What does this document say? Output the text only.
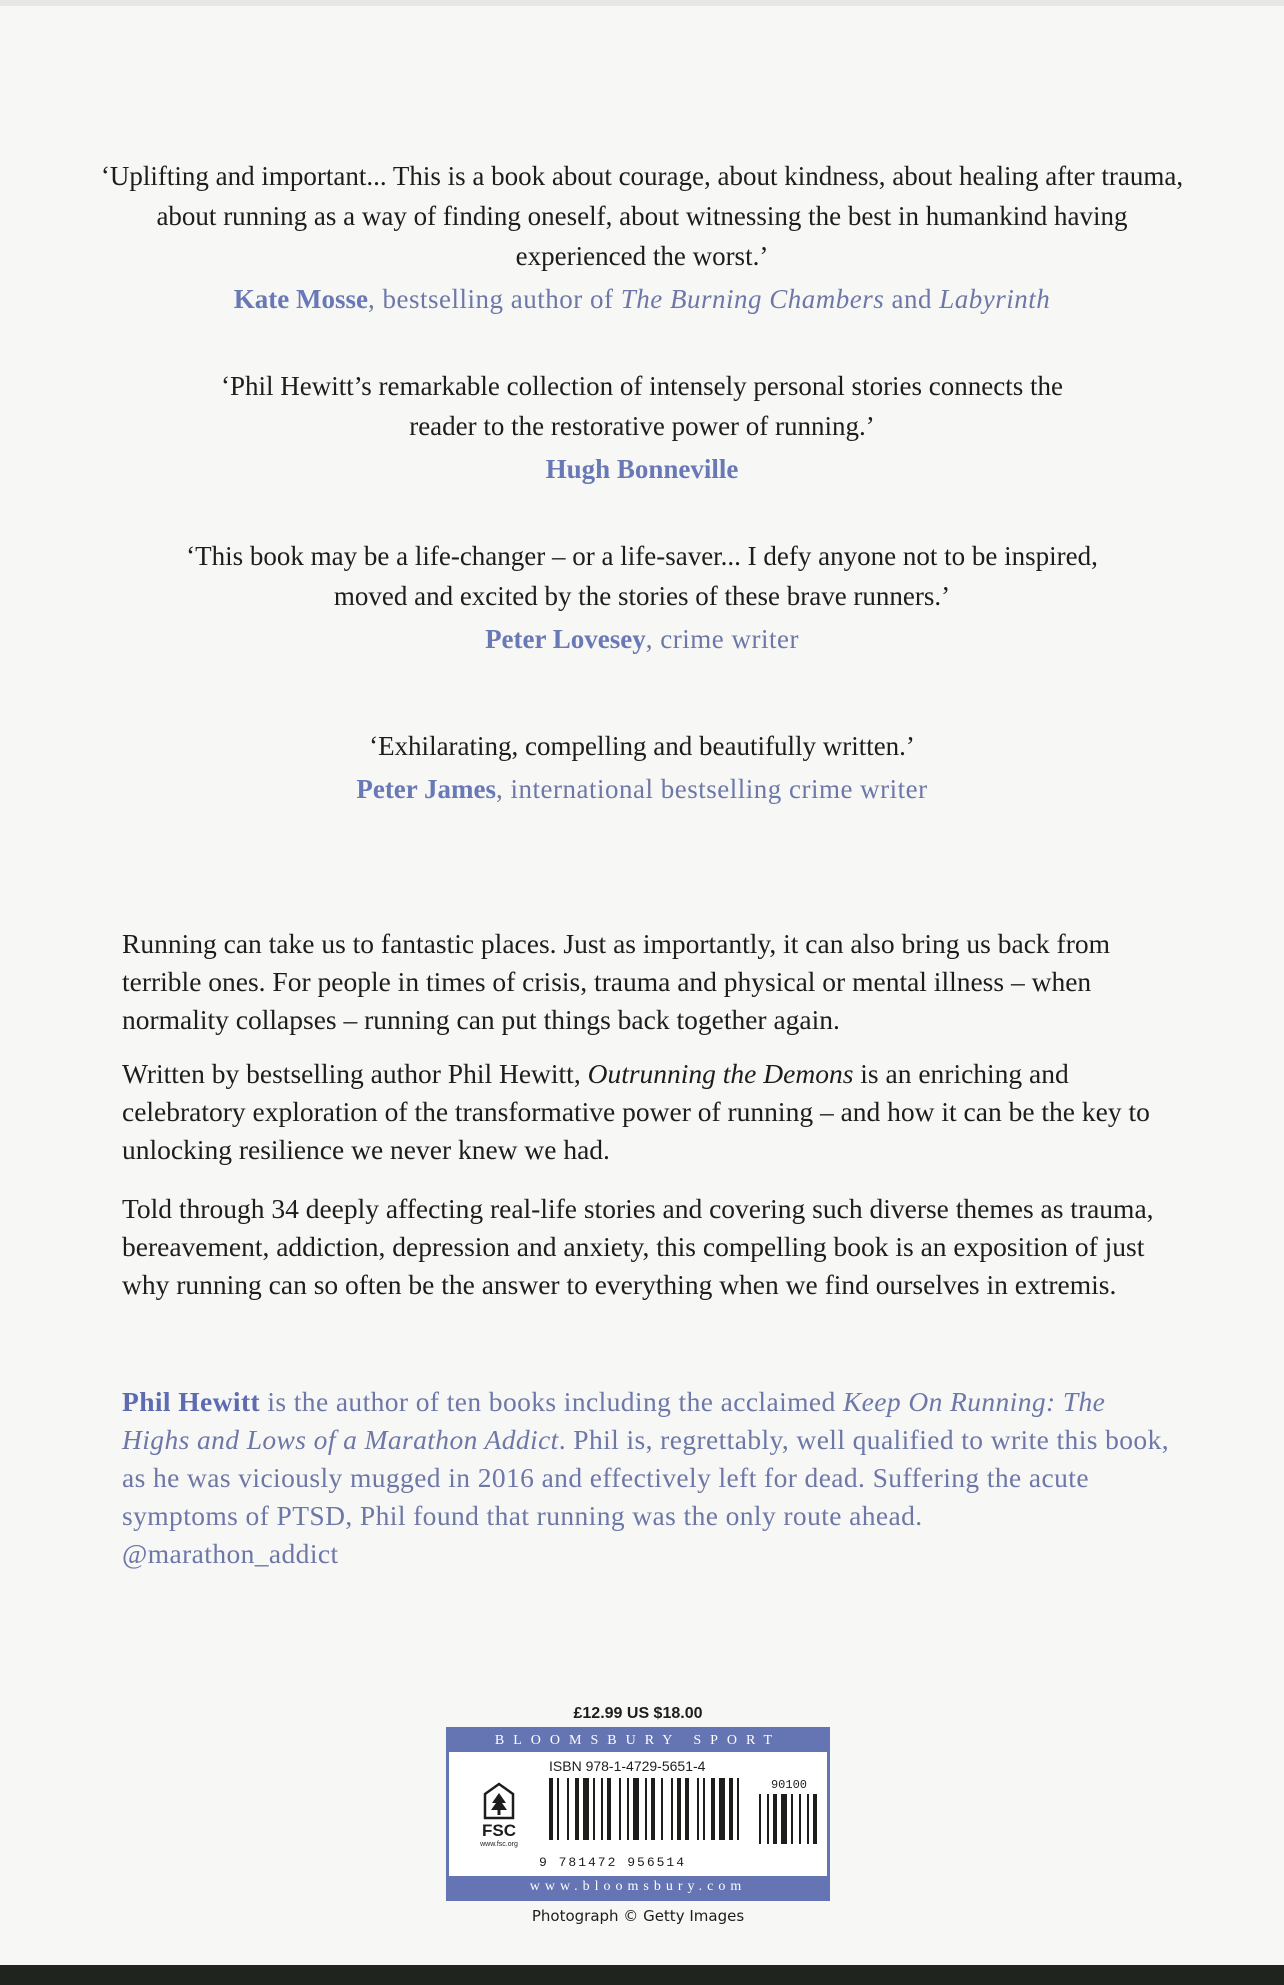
‘Uplifting and important... This is a book about courage, about kindness, about healing after trauma, about running as a way of finding oneself, about witnessing the best in humankind having experienced the worst.’
Kate Mosse, bestselling author of The Burning Chambers and Labyrinth
‘Phil Hewitt’s remarkable collection of intensely personal stories connects the reader to the restorative power of running.’
Hugh Bonneville
‘This book may be a life-changer – or a life-saver... I defy anyone not to be inspired, moved and excited by the stories of these brave runners.’
Peter Lovesey, crime writer
‘Exhilarating, compelling and beautifully written.’
Peter James, international bestselling crime writer

Running can take us to fantastic places. Just as importantly, it can also bring us back from terrible ones. For people in times of crisis, trauma and physical or mental illness – when normality collapses – running can put things back together again.

Written by bestselling author Phil Hewitt, Outrunning the Demons is an enriching and celebratory exploration of the transformative power of running – and how it can be the key to unlocking resilience we never knew we had.

Told through 34 deeply affecting real-life stories and covering such diverse themes as trauma, bereavement, addiction, depression and anxiety, this compelling book is an exposition of just why running can so often be the answer to everything when we find ourselves in extremis.

Phil Hewitt is the author of ten books including the acclaimed Keep On Running: The Highs and Lows of a Marathon Addict. Phil is, regrettably, well qualified to write this book, as he was viciously mugged in 2016 and effectively left for dead. Suffering the acute symptoms of PTSD, Phil found that running was the only route ahead.
@marathon_addict

£12.99 US $18.00
BLOOMSBURY SPORT
FSC
www.fsc.org
ISBN 978-1-4729-5651-4
90100
9 781472 956514
www.bloomsbury.com
Photograph © Getty Images
